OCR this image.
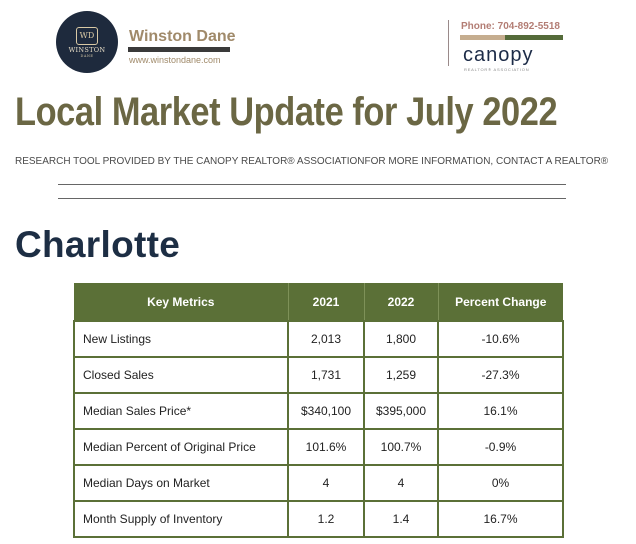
WD
WINSTON
DANE
Winston Dane
www.winstondane.com
Phone: 704-892-5518
canopy
REALTOR® ASSOCIATION
Local Market Update for July 2022
RESEARCH TOOL PROVIDED BY THE CANOPY REALTOR® ASSOCIATIONFOR MORE INFORMATION, CONTACT A REALTOR®
Charlotte
Key Metrics	2021	2022	Percent Change
New Listings	2,013	1,800	-10.6%
Closed Sales	1,731	1,259	-27.3%
Median Sales Price*	$340,100	$395,000	16.1%
Median Percent of Original Price	101.6%	100.7%	-0.9%
Median Days on Market	4	4	0%
Month Supply of Inventory	1.2	1.4	16.7%
